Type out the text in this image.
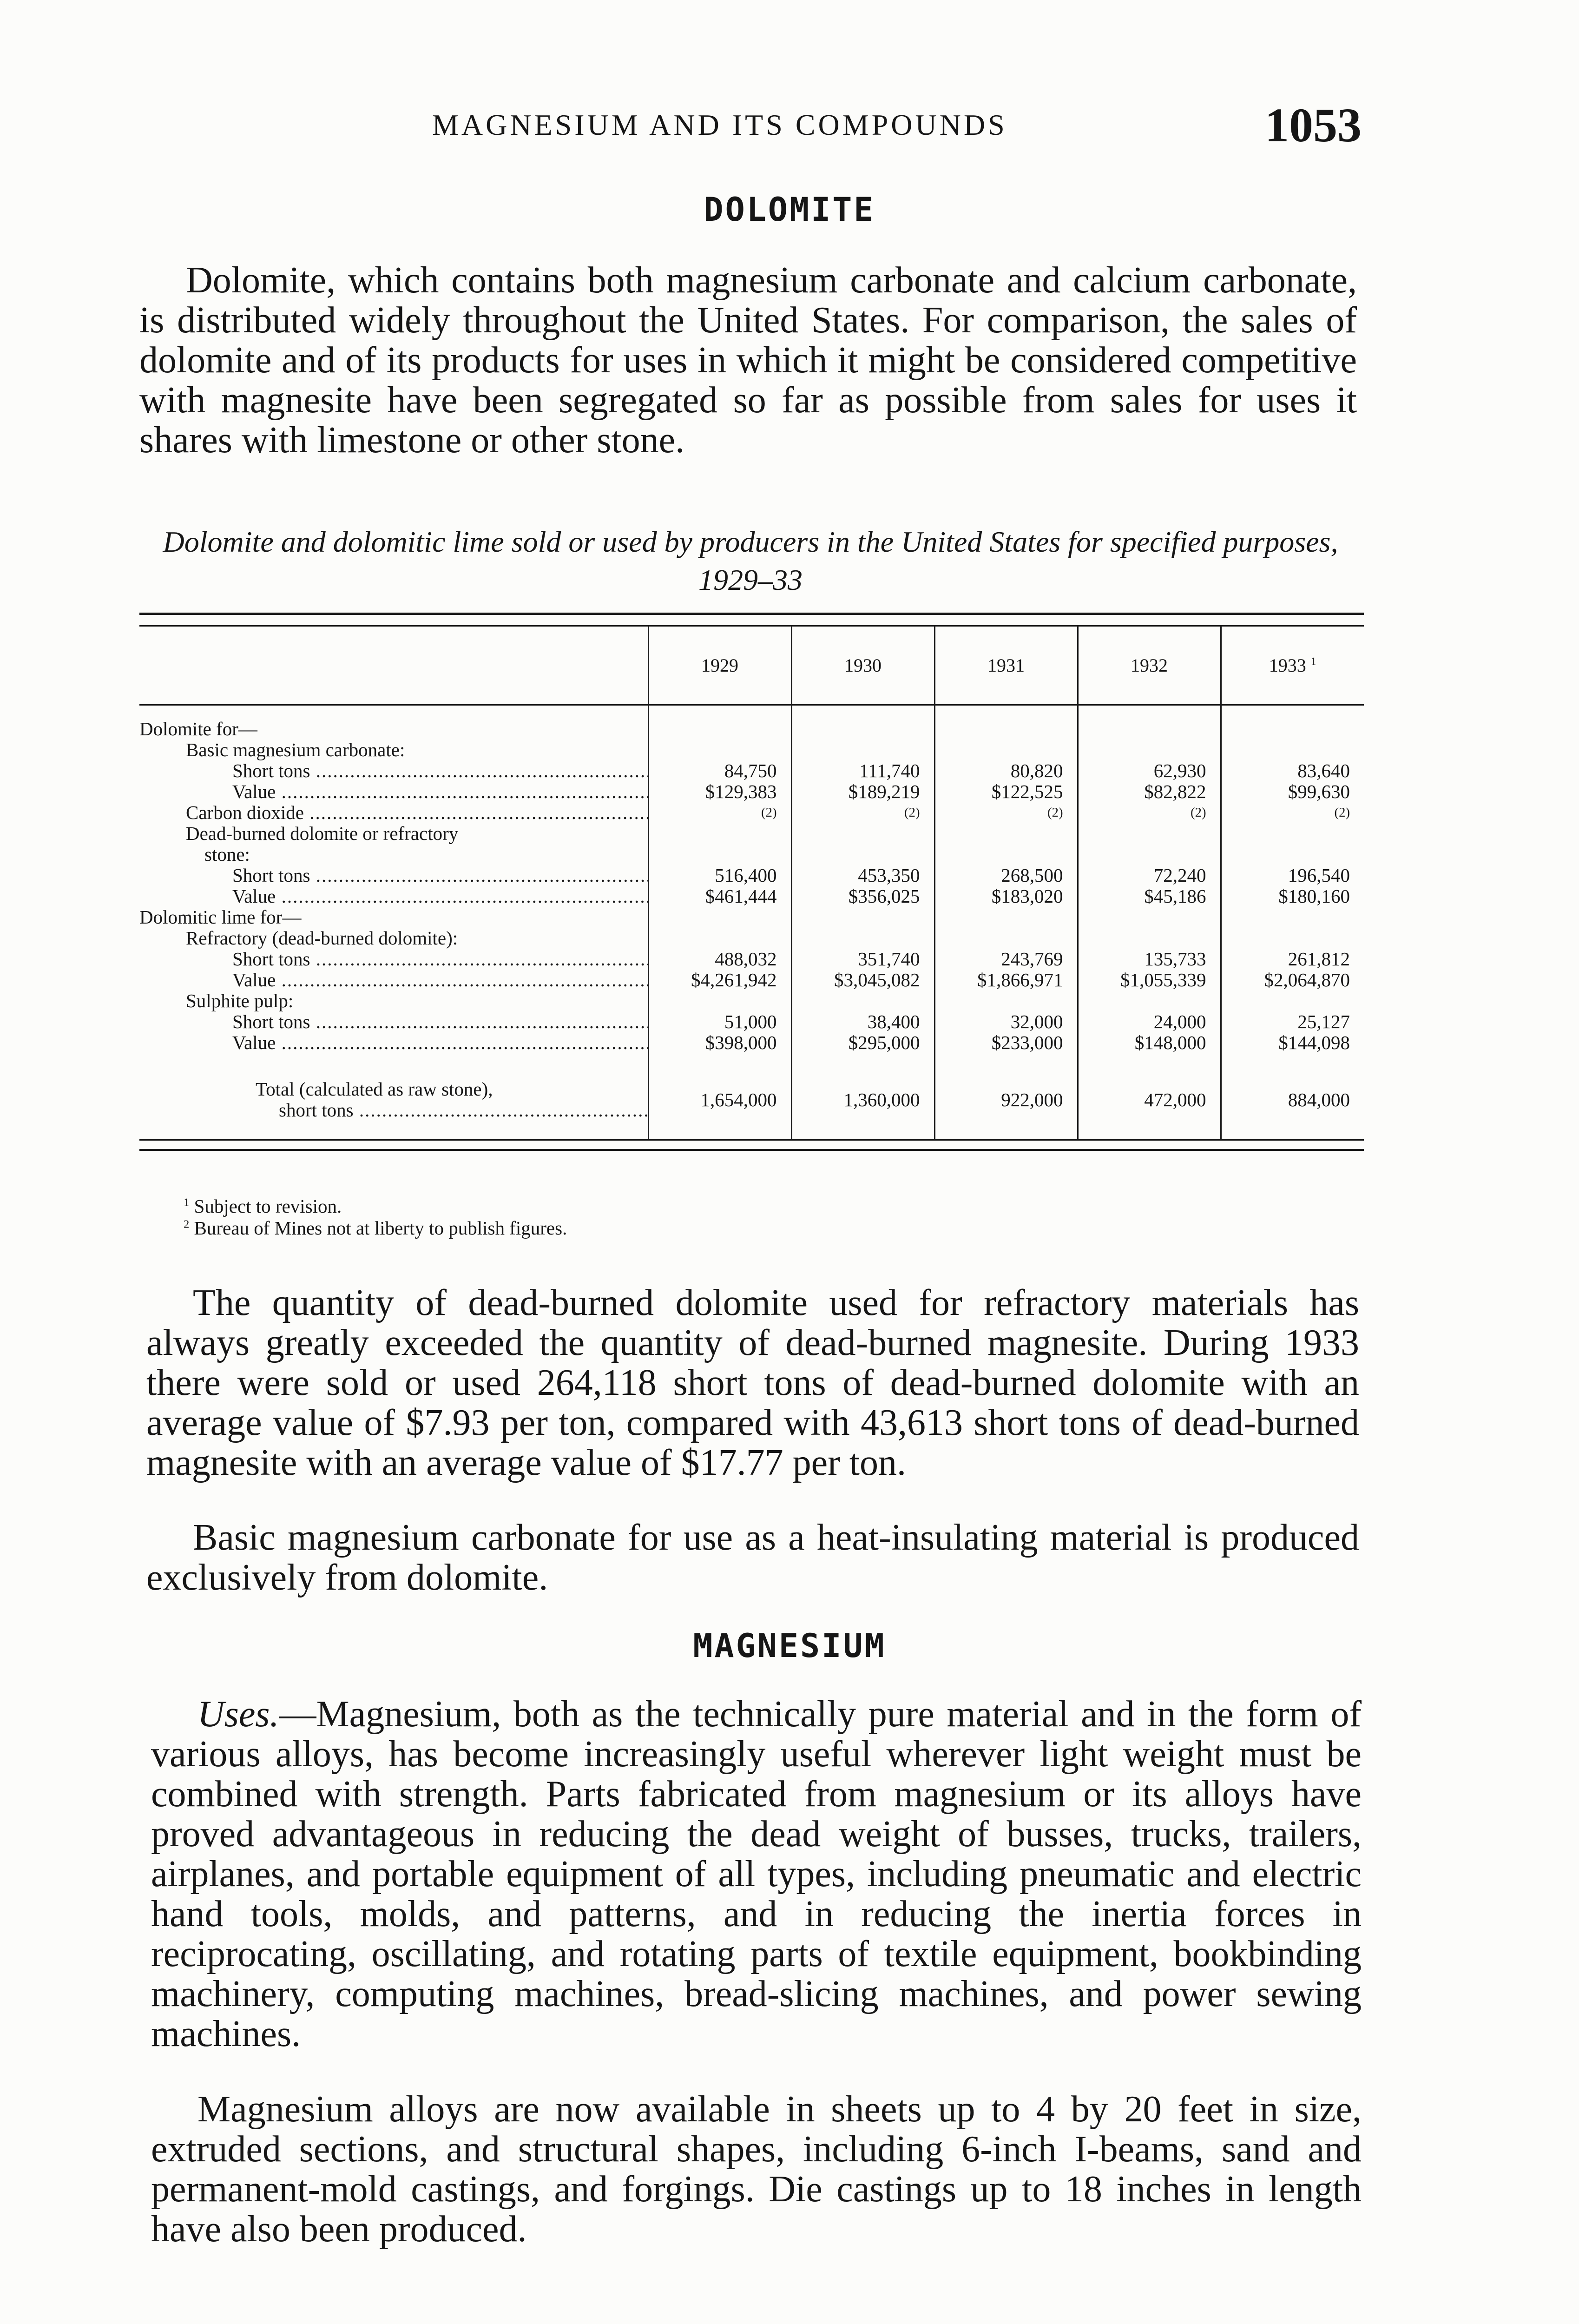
MAGNESIUM AND ITS COMPOUNDS	1053
DOLOMITE

Dolomite, which contains both magnesium carbonate and calcium carbonate, is distributed widely throughout the United States. For comparison, the sales of dolomite and of its products for uses in which it might be considered competitive with magnesite have been segregated so far as possible from sales for uses it shares with limestone or other stone.

Dolomite and dolomitic lime sold or used by producers in the United States for specified purposes, 1929–33

	1929	1930	1931	1932	1933 $^1$

Dolomite for—					
Basic magnesium carbonate:					
Short tons .....	84,750	111,740	80,820	62,930	83,640
Value .....	$129,383	$189,219	$122,525	$82,822	$99,630
Carbon dioxide .....	(2)	(2)	(2)	(2)	(2)
Dead-burned dolomite or refractory					
stone:					
Short tons .....	516,400	453,350	268,500	72,240	196,540
Value .....	$461,444	$356,025	$183,020	$45,186	$180,160
Dolomitic lime for—					
Refractory (dead-burned dolomite):					
Short tons .....	488,032	351,740	243,769	135,733	261,812
Value .....	$4,261,942	$3,045,082	$1,866,971	$1,055,339	$2,064,870
Sulphite pulp:					
Short tons .....	51,000	38,400	32,000	24,000	25,127
Value .....	$398,000	$295,000	$233,000	$148,000	$144,098

Total (calculated as raw stone),
short tons .....	1,654,000	1,360,000	922,000	472,000	884,000
$^1$ Subject to revision.
$^2$ Bureau of Mines not at liberty to publish figures.

The quantity of dead-burned dolomite used for refractory materials has always greatly exceeded the quantity of dead-burned magnesite. During 1933 there were sold or used 264,118 short tons of dead-burned dolomite with an average value of $7.93 per ton, compared with 43,613 short tons of dead-burned magnesite with an average value of $17.77 per ton.

Basic magnesium carbonate for use as a heat-insulating material is produced exclusively from dolomite.

MAGNESIUM

Uses.—Magnesium, both as the technically pure material and in the form of various alloys, has become increasingly useful wherever light weight must be combined with strength. Parts fabricated from magnesium or its alloys have proved advantageous in reducing the dead weight of busses, trucks, trailers, airplanes, and portable equipment of all types, including pneumatic and electric hand tools, molds, and patterns, and in reducing the inertia forces in reciprocating, oscillating, and rotating parts of textile equipment, bookbinding machinery, computing machines, bread-slicing machines, and power sewing machines.

Magnesium alloys are now available in sheets up to 4 by 20 feet in size, extruded sections, and structural shapes, including 6-inch I-beams, sand and permanent-mold castings, and forgings. Die castings up to 18 inches in length have also been produced.
